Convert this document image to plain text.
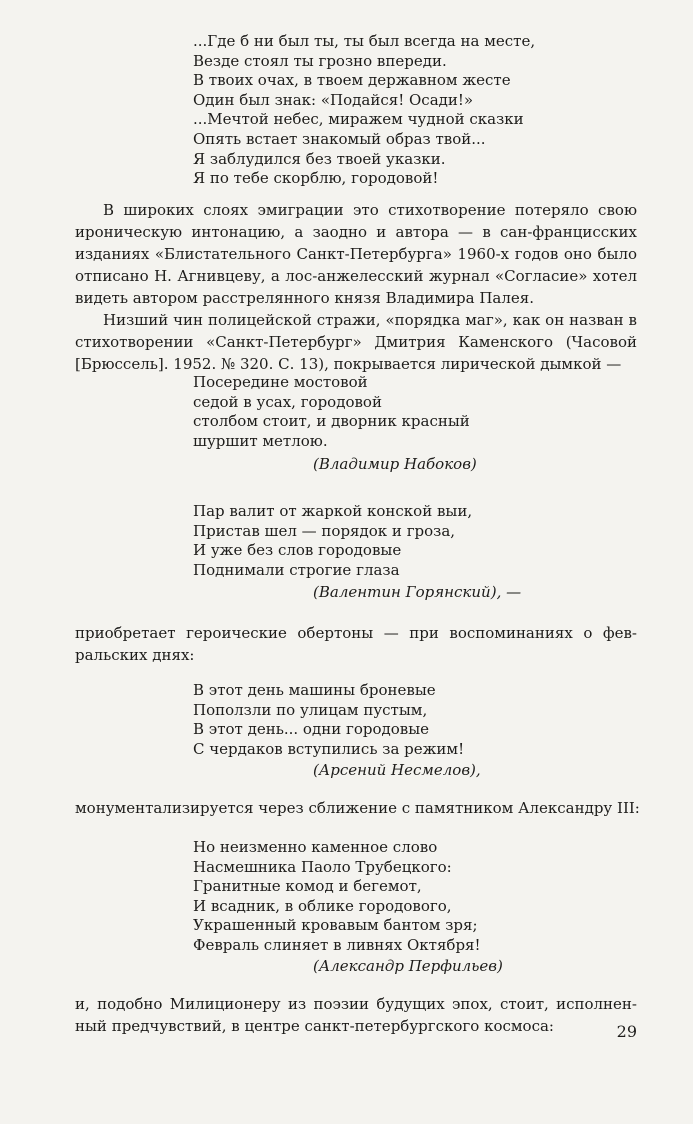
...Где б ни был ты, ты был всегда на месте,
Везде стоял ты грозно впереди.
В твоих очах, в твоем державном жесте
Один был знак: «Подайся! Осади!»
...Мечтой небес, миражем чудной сказки
Опять встает знакомый образ твой...
Я заблудился без твоей указки.
Я по тебе скорблю, городовой!
В широких слоях эмиграции это стихотворение потеряло свою
ироническую интонацию, а заодно и автора — в сан-францисских
изданиях «Блистательного Санкт-Петербурга» 1960-х годов оно было
отписано Н. Агнивцеву, а лос-анжелесский журнал «Согласие» хотел
видеть автором расстрелянного князя Владимира Палея.
Низший чин полицейской стражи, «порядка маг», как он назван в
стихотворении «Санкт-Петербург» Дмитрия Каменского (Часовой
[Брюссель]. 1952. № 320. С. 13), покрывается лирической дымкой —
Посередине мостовой
седой в усах, городовой
столбом стоит, и дворник красный
шуршит метлою.
(Владимир Набоков)
Пар валит от жаркой конской выи,
Пристав шел — порядок и гроза,
И уже без слов городовые
Поднимали строгие глаза
(Валентин Горянский), —
приобретает героические обертоны — при воспоминаниях о фев-
ральских днях:
В этот день машины броневые
Поползли по улицам пустым,
В этот день... одни городовые
С чердаков вступились за режим!
(Арсений Несмелов),
монументализируется через сближение с памятником Александру III:
Но неизменно каменное слово
Насмешника Паоло Трубецкого:
Гранитные комод и бегемот,
И всадник, в облике городового,
Украшенный кровавым бантом зря;
Февраль слиняет в ливнях Октября!
(Александр Перфильев)
и, подобно Милиционеру из поэзии будущих эпох, стоит, исполнен-
ный предчувствий, в центре санкт-петербургского космоса:	29
